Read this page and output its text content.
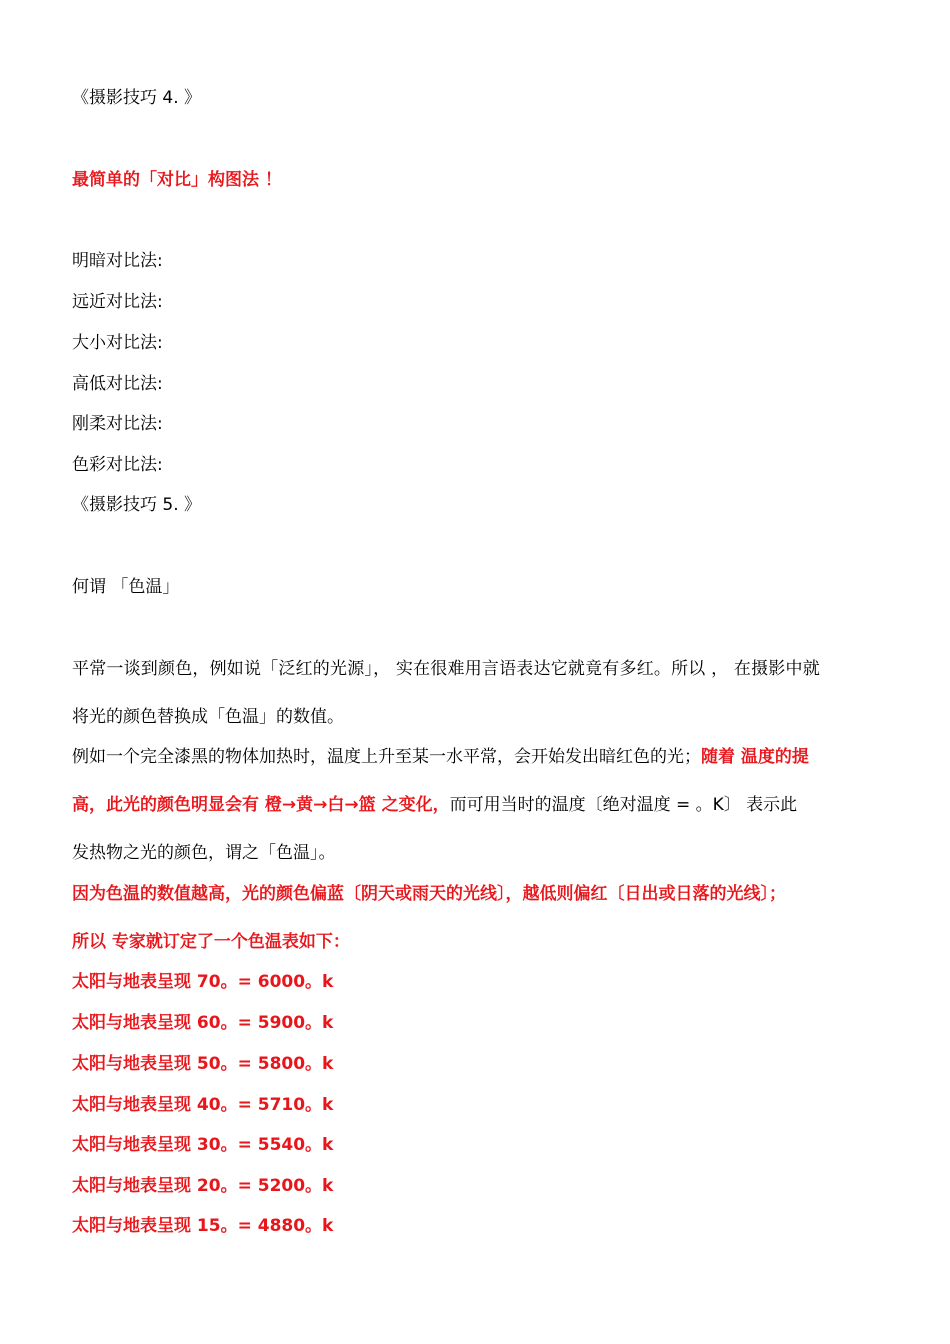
《摄影技巧 4. 》
最简单的「对比」构图法 ！
明暗对比法:
远近对比法:
大小对比法:
高低对比法:
刚柔对比法:
色彩对比法:
《摄影技巧 5. 》
何谓 「色温」
平常一谈到颜色，例如说「泛红的光源」， 实在很难用言语表达它就竟有多红。所以 ， 在摄影中就
将光的颜色替换成「色温」的数值。
例如一个完全漆黑的物体加热时，温度上升至某一水平常，会开始发出暗红色的光；随着 温度的提
高，此光的颜色明显会有 橙→黄→白→篮 之变化，而可用当时的温度〔绝对温度 = 。K〕 表示此
发热物之光的颜色，谓之「色温」。
因为色温的数值越高，光的颜色偏蓝〔阴天或雨天的光线〕，越低则偏红〔日出或日落的光线〕；
所以 专家就订定了一个色温表如下：
太阳与地表呈现 70。= 6000。k
太阳与地表呈现 60。= 5900。k
太阳与地表呈现 50。= 5800。k
太阳与地表呈现 40。= 5710。k
太阳与地表呈现 30。= 5540。k
太阳与地表呈现 20。= 5200。k
太阳与地表呈现 15。= 4880。k
